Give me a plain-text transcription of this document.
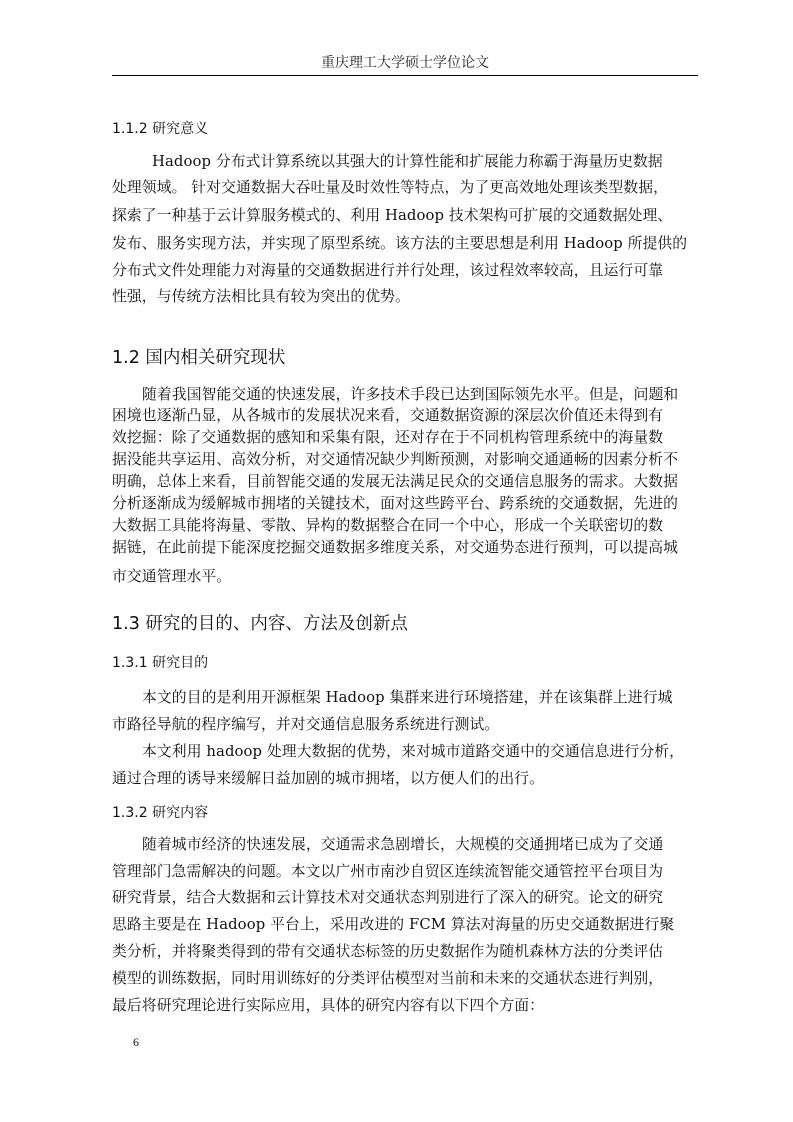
重庆理工大学硕士学位论文
1.1.2 研究意义
Hadoop 分布式计算系统以其强大的计算性能和扩展能力称霸于海量历史数据
处理领域。 针对交通数据大吞吐量及时效性等特点，为了更高效地处理该类型数据，
探索了一种基于云计算服务模式的、利用 Hadoop 技术架构可扩展的交通数据处理、
发布、服务实现方法，并实现了原型系统。该方法的主要思想是利用 Hadoop 所提供的
分布式文件处理能力对海量的交通数据进行并行处理，该过程效率较高，且运行可靠
性强，与传统方法相比具有较为突出的优势。
1.2 国内相关研究现状
随着我国智能交通的快速发展，许多技术手段已达到国际领先水平。但是，问题和
困境也逐渐凸显，从各城市的发展状况来看，交通数据资源的深层次价值还未得到有
效挖掘：除了交通数据的感知和采集有限，还对存在于不同机构管理系统中的海量数
据没能共享运用、高效分析，对交通情况缺少判断预测，对影响交通通畅的因素分析不
明确，总体上来看，目前智能交通的发展无法满足民众的交通信息服务的需求。大数据
分析逐渐成为缓解城市拥堵的关键技术，面对这些跨平台、跨系统的交通数据，先进的
大数据工具能将海量、零散、异构的数据整合在同一个中心，形成一个关联密切的数
据链，在此前提下能深度挖掘交通数据多维度关系，对交通势态进行预判，可以提高城
市交通管理水平。
1.3 研究的目的、内容、方法及创新点
1.3.1 研究目的
本文的目的是利用开源框架 Hadoop 集群来进行环境搭建，并在该集群上进行城
市路径导航的程序编写，并对交通信息服务系统进行测试。
本文利用 hadoop 处理大数据的优势，来对城市道路交通中的交通信息进行分析，
通过合理的诱导来缓解日益加剧的城市拥堵，以方便人们的出行。
1.3.2 研究内容
随着城市经济的快速发展，交通需求急剧增长，大规模的交通拥堵已成为了交通
管理部门急需解决的问题。本文以广州市南沙自贸区连续流智能交通管控平台项目为
研究背景，结合大数据和云计算技术对交通状态判别进行了深入的研究。论文的研究
思路主要是在 Hadoop 平台上，采用改进的 FCM 算法对海量的历史交通数据进行聚
类分析，并将聚类得到的带有交通状态标签的历史数据作为随机森林方法的分类评估
模型的训练数据，同时用训练好的分类评估模型对当前和未来的交通状态进行判别，
最后将研究理论进行实际应用，具体的研究内容有以下四个方面：
6
